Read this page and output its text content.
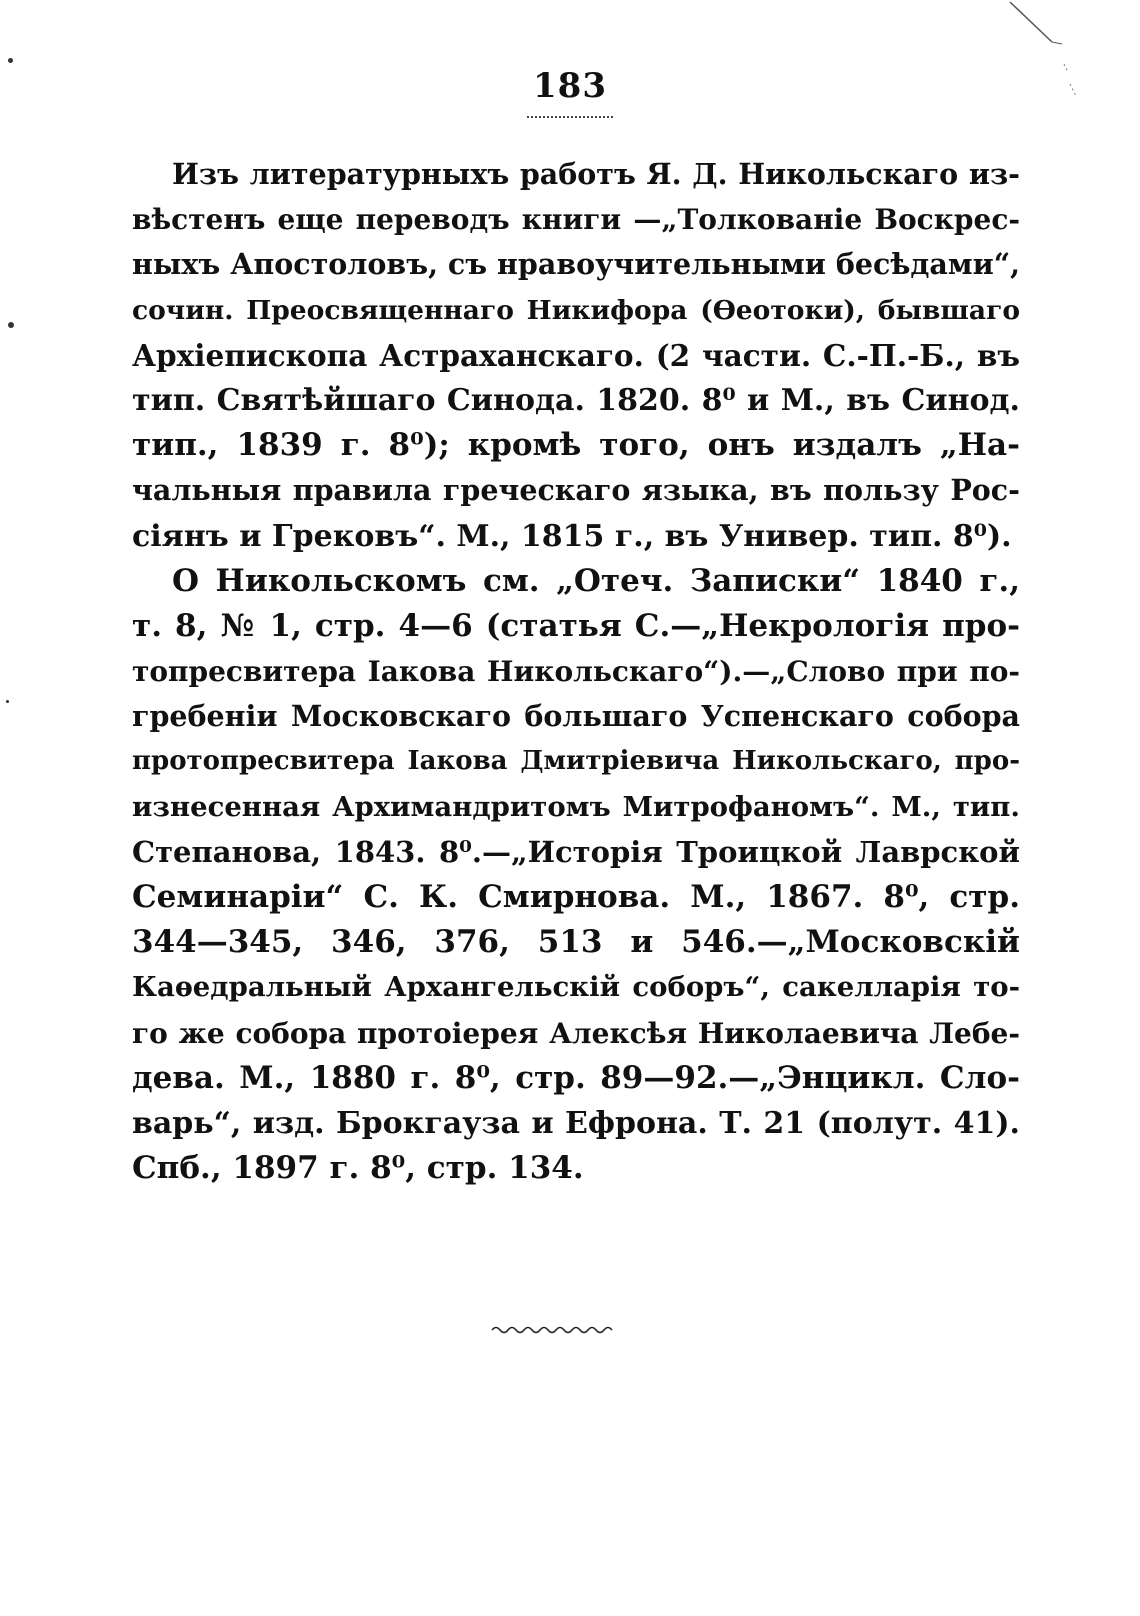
183
Изъ литературныхъ работъ Я. Д. Никольскаго из-
вѣстенъ еще переводъ книги —„Толкованіе Воскрес-
ныхъ Апостоловъ, съ нравоучительными бесѣдами“,
сочин. Преосвященнаго Никифора (Ѳеотоки), бывшаго
Архіепископа Астраханскаго. (2 части. С.-П.-Б., въ
тип. Святѣйшаго Синода. 1820. 8⁰ и М., въ Синод.
тип., 1839 г. 8⁰); кромѣ того, онъ издалъ „На-
чальныя правила греческаго языка, въ пользу Рос-
сіянъ и Грековъ“. М., 1815 г., въ Универ. тип. 8⁰).
О Никольскомъ см. „Отеч. Записки“ 1840 г.,
т. 8, № 1, стр. 4—6 (статья С.—„Некрологія про-
топресвитера Іакова Никольскаго“).—„Слово при по-
гребеніи Московскаго большаго Успенскаго собора
протопресвитера Іакова Дмитріевича Никольскаго, про-
изнесенная Архимандритомъ Митрофаномъ“. М., тип.
Степанова, 1843. 8⁰.—„Исторія Троицкой Лаврской
Семинаріи“ С. К. Смирнова. М., 1867. 8⁰, стр.
344—345, 346, 376, 513 и 546.—„Московскій
Каѳедральный Архангельскій соборъ“, сакелларія то-
го же собора протоіерея Алексѣя Николаевича Лебе-
дева. М., 1880 г. 8⁰, стр. 89—92.—„Энцикл. Сло-
варь“, изд. Брокгауза и Ефрона. Т. 21 (полут. 41).
Спб., 1897 г. 8⁰, стр. 134.
